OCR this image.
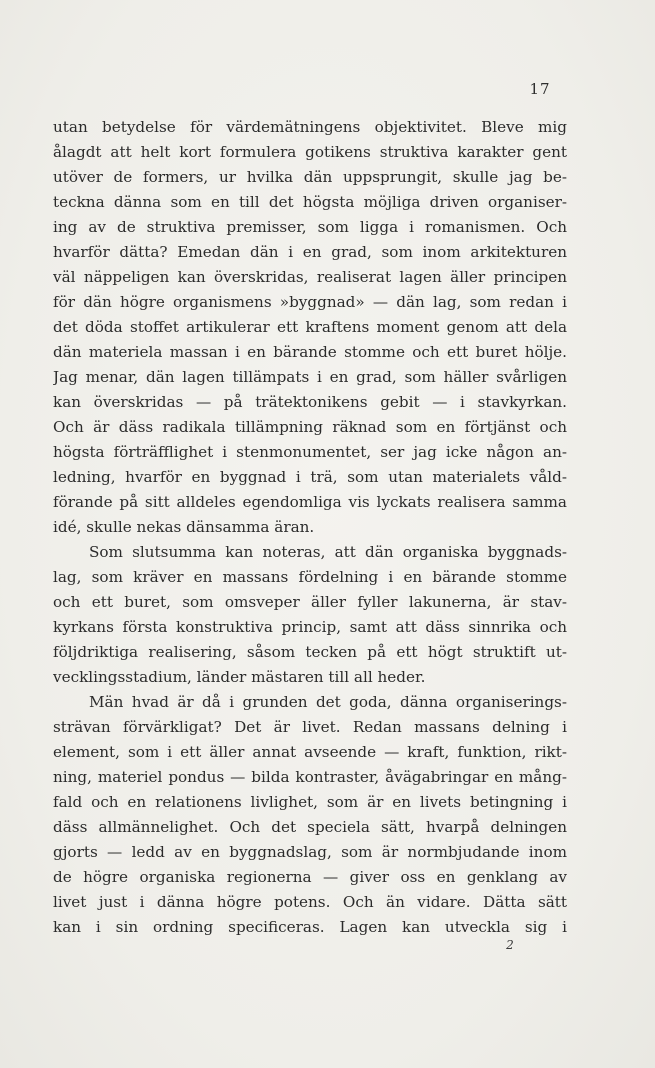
17
utan betydelse för värdemätningens objektivitet. Bleve mig
ålagdt att helt kort formulera gotikens struktiva karakter gent
utöver de formers, ur hvilka dän uppsprungit, skulle jag be-
teckna dänna som en till det högsta möjliga driven organiser-
ing av de struktiva premisser, som ligga i romanismen. Och
hvarför dätta? Emedan dän i en grad, som inom arkitekturen
väl näppeligen kan överskridas, realiserat lagen äller principen
för dän högre organismens »byggnad» — dän lag, som redan i
det döda stoffet artikulerar ett kraftens moment genom att dela
dän materiela massan i en bärande stomme och ett buret hölje.
Jag menar, dän lagen tillämpats i en grad, som häller svårligen
kan överskridas — på trätektonikens gebit — i stavkyrkan.
Och är däss radikala tillämpning räknad som en förtjänst och
högsta förträfflighet i stenmonumentet, ser jag icke någon an-
ledning, hvarför en byggnad i trä, som utan materialets våld-
förande på sitt alldeles egendomliga vis lyckats realisera samma
idé, skulle nekas dänsamma äran.
Som slutsumma kan noteras, att dän organiska byggnads-
lag, som kräver en massans fördelning i en bärande stomme
och ett buret, som omsveper äller fyller lakunerna, är stav-
kyrkans första konstruktiva princip, samt att däss sinnrika och
följdriktiga realisering, såsom tecken på ett högt struktift ut-
vecklingsstadium, länder mästaren till all heder.
Män hvad är då i grunden det goda, dänna organiserings-
strävan förvärkligat? Det är livet. Redan massans delning i
element, som i ett äller annat avseende — kraft, funktion, rikt-
ning, materiel pondus — bilda kontraster, åvägabringar en mång-
fald och en relationens livlighet, som är en livets betingning i
däss allmännelighet. Och det speciela sätt, hvarpå delningen
gjorts — ledd av en byggnadslag, som är normbjudande inom
de högre organiska regionerna — giver oss en genklang av
livet just i dänna högre potens. Och än vidare. Dätta sätt
kan i sin ordning specificeras. Lagen kan utveckla sig i
2
